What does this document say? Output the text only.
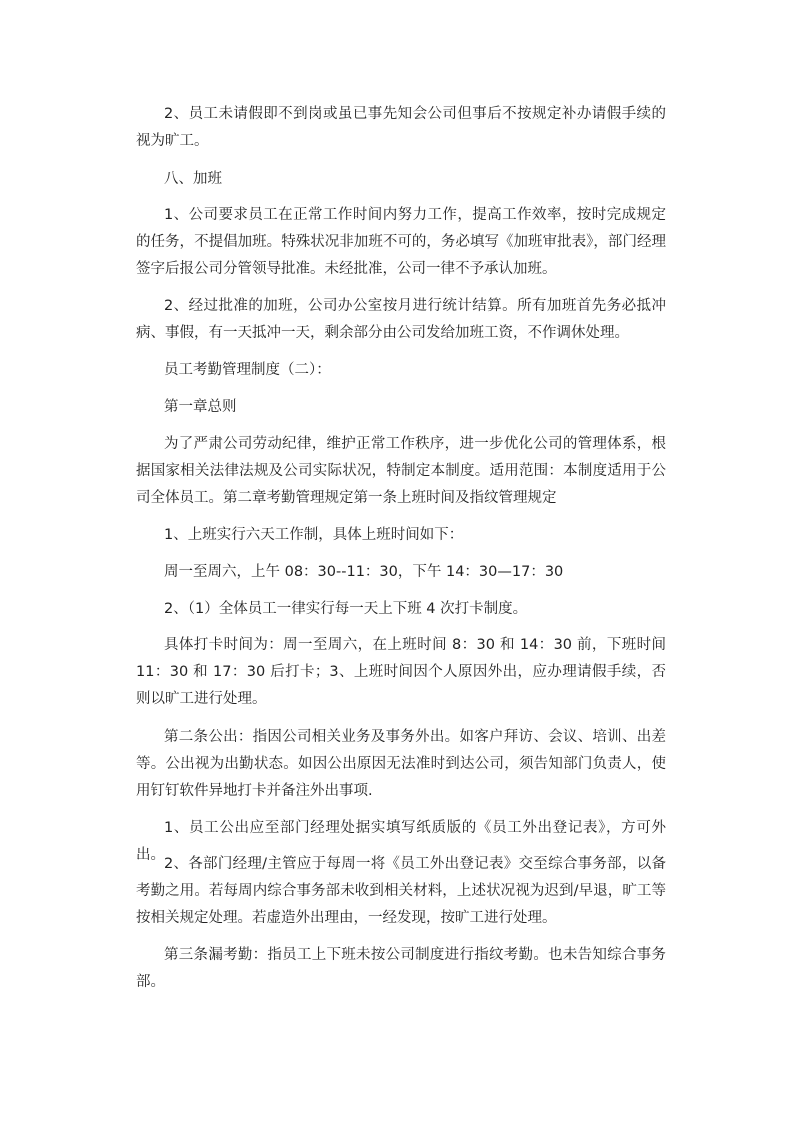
2、员工未请假即不到岗或虽已事先知会公司但事后不按规定补办请假手续的视为旷工。

八、加班

1、公司要求员工在正常工作时间内努力工作，提高工作效率，按时完成规定的任务，不提倡加班。特殊状况非加班不可的，务必填写《加班审批表》，部门经理签字后报公司分管领导批准。未经批准，公司一律不予承认加班。

2、经过批准的加班，公司办公室按月进行统计结算。所有加班首先务必抵冲病、事假，有一天抵冲一天，剩余部分由公司发给加班工资，不作调休处理。

员工考勤管理制度（二）：

第一章总则

为了严肃公司劳动纪律，维护正常工作秩序，进一步优化公司的管理体系，根据国家相关法律法规及公司实际状况，特制定本制度。适用范围：本制度适用于公司全体员工。第二章考勤管理规定第一条上班时间及指纹管理规定

1、上班实行六天工作制，具体上班时间如下：

周一至周六，上午 08：30--11：30，下午 14：30—17：30

2、（1）全体员工一律实行每一天上下班 4 次打卡制度。

具体打卡时间为：周一至周六，在上班时间 8：30 和 14：30 前，下班时间 11：30 和 17：30 后打卡；3、上班时间因个人原因外出，应办理请假手续，否则以旷工进行处理。

第二条公出：指因公司相关业务及事务外出。如客户拜访、会议、培训、出差等。公出视为出勤状态。如因公出原因无法准时到达公司，须告知部门负责人，使用钉钉软件异地打卡并备注外出事项.

1、员工公出应至部门经理处据实填写纸质版的《员工外出登记表》，方可外出。

2、各部门经理/主管应于每周一将《员工外出登记表》交至综合事务部，以备考勤之用。若每周内综合事务部未收到相关材料，上述状况视为迟到/早退，旷工等按相关规定处理。若虚造外出理由，一经发现，按旷工进行处理。

第三条漏考勤：指员工上下班未按公司制度进行指纹考勤。也未告知综合事务部。
